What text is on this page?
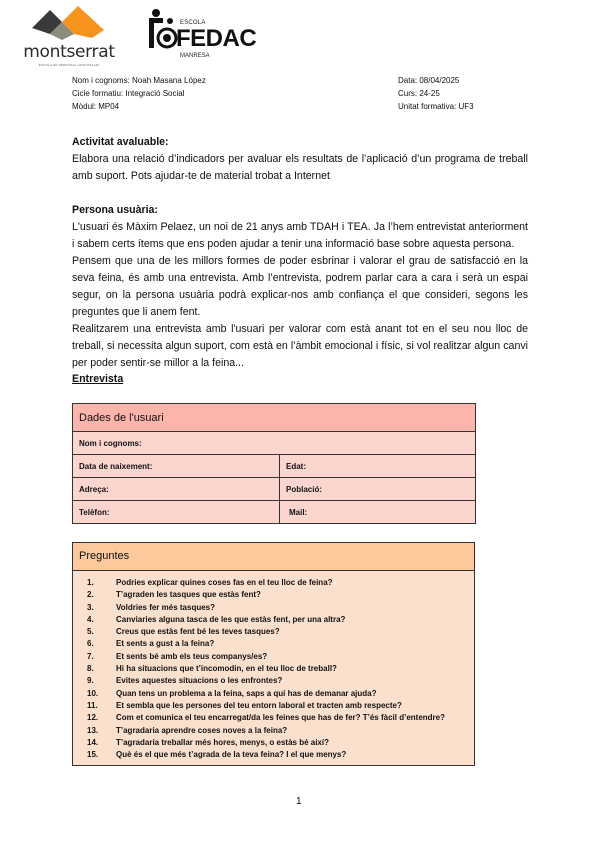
montserrat
ESCOLA DE PERSONAL HOSPITALARI
ESCOLA
FEDAC
MANRESA
Nom i cognoms: Noah Masana López
Cicle formatiu: Integració Social
Mòdul: MP04
Data: 08/04/2025
Curs: 24-25
Unitat formativa: UF3
Activitat avaluable:

Elabora una relació d’indicadors per avaluar els resultats de l’aplicació d’un programa de treball amb suport. Pots ajudar-te de material trobat a Internet

Persona usuària:

L'usuari és Màxim Pelaez, un noi de 21 anys amb TDAH i TEA. Ja l’hem entrevistat anteriorment i sabem certs ítems que ens poden ajudar a tenir una informació base sobre aquesta persona.

Pensem que una de les millors formes de poder esbrinar i valorar el grau de satisfacció en la seva feina, és amb una entrevista. Amb l’entrevista, podrem parlar cara a cara i serà un espai segur, on la persona usuària podrà explicar-nos amb confiança el que consideri, segons les preguntes que li anem fent.

Realitzarem una entrevista amb l'usuari per valorar com està anant tot en el seu nou lloc de treball, si necessita algun suport, com està en l’àmbit emocional i físic, si vol realitzar algun canvi per poder sentir-se millor a la feina...

Entrevista
Dades de l'usuari	
Nom i cognoms:	
Data de naixement:	Edat:
Adreça:	Població:
Telèfon:	Mail:
Preguntes
1.	Podries explicar quines coses fas en el teu lloc de feina?
2.	T’agraden les tasques que estàs fent?
3.	Voldries fer més tasques?
4.	Canviaries alguna tasca de les que estàs fent, per una altra?
5.	Creus que estàs fent bé les teves tasques?
6.	Et sents a gust a la feina?
7.	Et sents bé amb els teus companys/es?
8.	Hi ha situacions que t’incomodin, en el teu lloc de treball?
9.	Evites aquestes situacions o les enfrontes?
10.	Quan tens un problema a la feina, saps a qui has de demanar ajuda?
11.	Et sembla que les persones del teu entorn laboral et tracten amb respecte?
12.	Com et comunica el teu encarregat/da les feines que has de fer? T’és fàcil d’entendre?
13.	T’agradaria aprendre coses noves a la feina?
14.	T’agradaria treballar més hores, menys, o estàs bé així?
15.	Què és el que més t’agrada de la teva feina? I el que menys?
1
